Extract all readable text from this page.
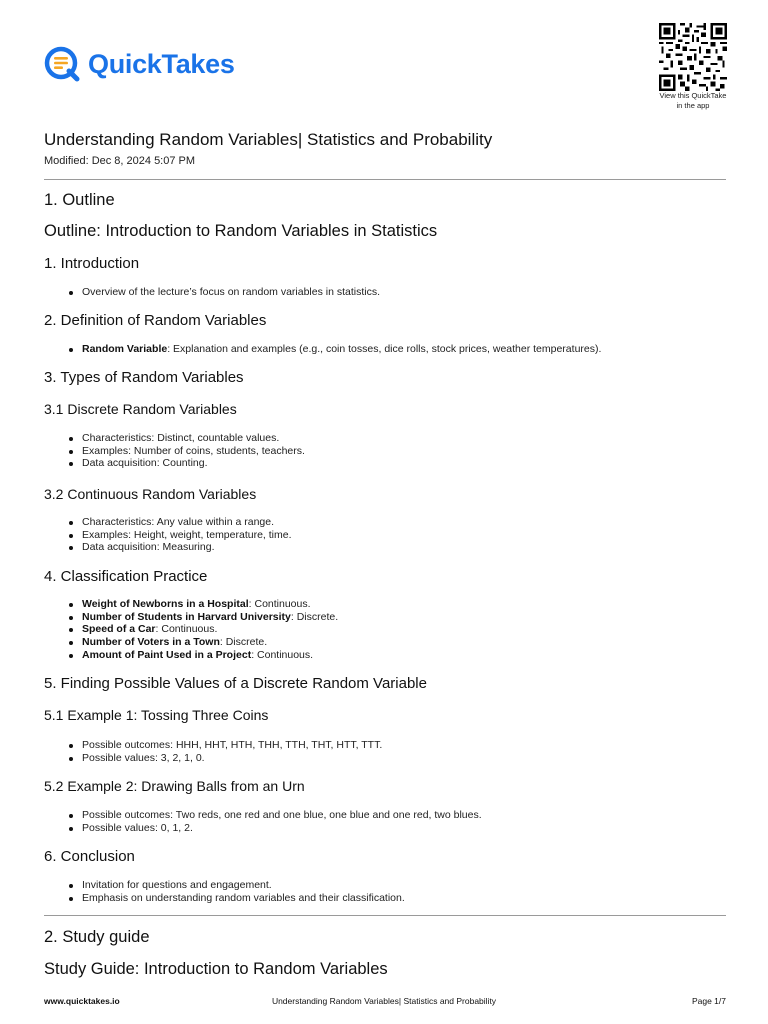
QuickTakes
View this QuickTake
in the app
Understanding Random Variables| Statistics and Probability

Modified: Dec 8, 2024 5:07 PM

1. Outline
Outline: Introduction to Random Variables in Statistics
1. Introduction
Overview of the lecture’s focus on random variables in statistics.
2. Definition of Random Variables
Random Variable: Explanation and examples (e.g., coin tosses, dice rolls, stock prices, weather temperatures).
3. Types of Random Variables
3.1 Discrete Random Variables
Characteristics: Distinct, countable values.
Examples: Number of coins, students, teachers.
Data acquisition: Counting.
3.2 Continuous Random Variables
Characteristics: Any value within a range.
Examples: Height, weight, temperature, time.
Data acquisition: Measuring.
4. Classification Practice
Weight of Newborns in a Hospital: Continuous.
Number of Students in Harvard University: Discrete.
Speed of a Car: Continuous.
Number of Voters in a Town: Discrete.
Amount of Paint Used in a Project: Continuous.
5. Finding Possible Values of a Discrete Random Variable
5.1 Example 1: Tossing Three Coins
Possible outcomes: HHH, HHT, HTH, THH, TTH, THT, HTT, TTT.
Possible values: 3, 2, 1, 0.
5.2 Example 2: Drawing Balls from an Urn
Possible outcomes: Two reds, one red and one blue, one blue and one red, two blues.
Possible values: 0, 1, 2.
6. Conclusion
Invitation for questions and engagement.
Emphasis on understanding random variables and their classification.
2. Study guide
Study Guide: Introduction to Random Variables
www.quicktakes.io	Understanding Random Variables| Statistics and Probability	Page 1/7
